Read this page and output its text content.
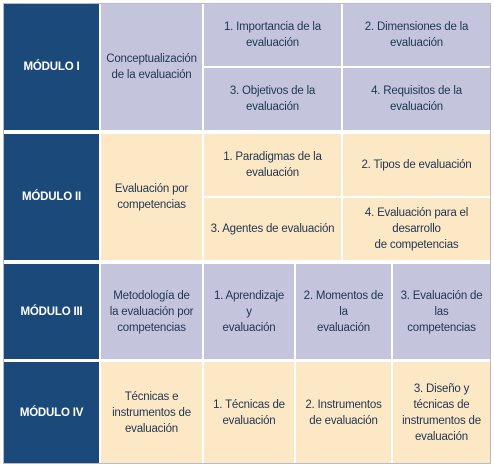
MÓDULO I
Conceptualización
de la evaluación
1. Importancia de la
evaluación
2. Dimensiones de la
evaluación
3. Objetivos de la evaluación
4. Requisitos de la evaluación
MÓDULO II
Evaluación por
competencias
1. Paradigmas de la
evaluación
2. Tipos de evaluación
3. Agentes de evaluación
4. Evaluación para el desarrollo
de competencias
MÓDULO III
Metodología de
la evaluación por
competencias
1. Aprendizaje y
evaluación
2. Momentos de la
evaluación
3. Evaluación de
las competencias
MÓDULO IV
Técnicas e
instrumentos de
evaluación
1. Técnicas de
evaluación
2. Instrumentos
de evaluación
3. Diseño y
técnicas de
instrumentos de
evaluación
